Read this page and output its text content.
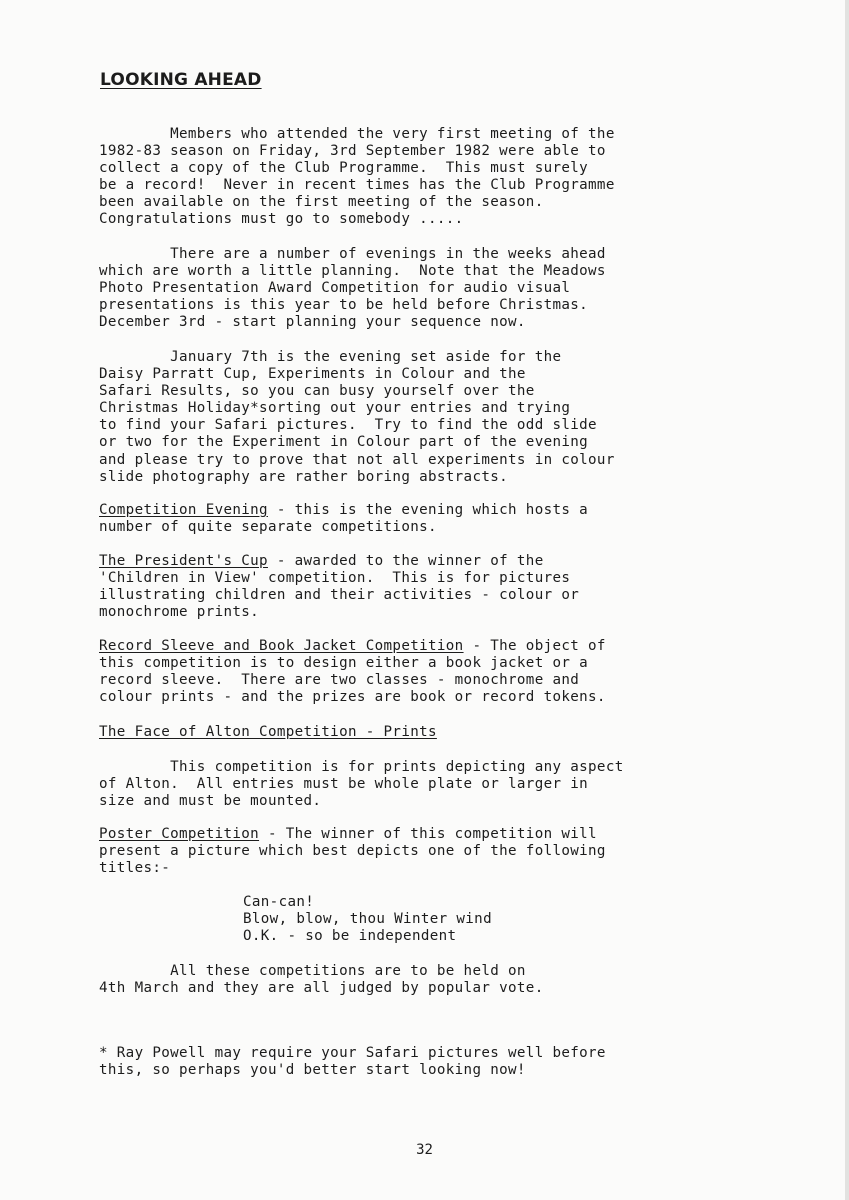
LOOKING AHEAD
Members who attended the very first meeting of the
1982-83 season on Friday, 3rd September 1982 were able to
collect a copy of the Club Programme.  This must surely
be a record!  Never in recent times has the Club Programme
been available on the first meeting of the season.
Congratulations must go to somebody .....
There are a number of evenings in the weeks ahead
which are worth a little planning.  Note that the Meadows
Photo Presentation Award Competition for audio visual
presentations is this year to be held before Christmas.
December 3rd - start planning your sequence now.
January 7th is the evening set aside for the
Daisy Parratt Cup, Experiments in Colour and the
Safari Results, so you can busy yourself over the
Christmas Holiday*sorting out your entries and trying
to find your Safari pictures.  Try to find the odd slide
or two for the Experiment in Colour part of the evening
and please try to prove that not all experiments in colour
slide photography are rather boring abstracts.
Competition Evening - this is the evening which hosts a
number of quite separate competitions.
The President's Cup - awarded to the winner of the
'Children in View' competition.  This is for pictures
illustrating children and their activities - colour or
monochrome prints.
Record Sleeve and Book Jacket Competition - The object of
this competition is to design either a book jacket or a
record sleeve.  There are two classes - monochrome and
colour prints - and the prizes are book or record tokens.
The Face of Alton Competition - Prints
This competition is for prints depicting any aspect
of Alton.  All entries must be whole plate or larger in
size and must be mounted.
Poster Competition - The winner of this competition will
present a picture which best depicts one of the following
titles:-
Can-can!
Blow, blow, thou Winter wind
O.K. - so be independent
All these competitions are to be held on
4th March and they are all judged by popular vote.
* Ray Powell may require your Safari pictures well before
this, so perhaps you'd better start looking now!
32
